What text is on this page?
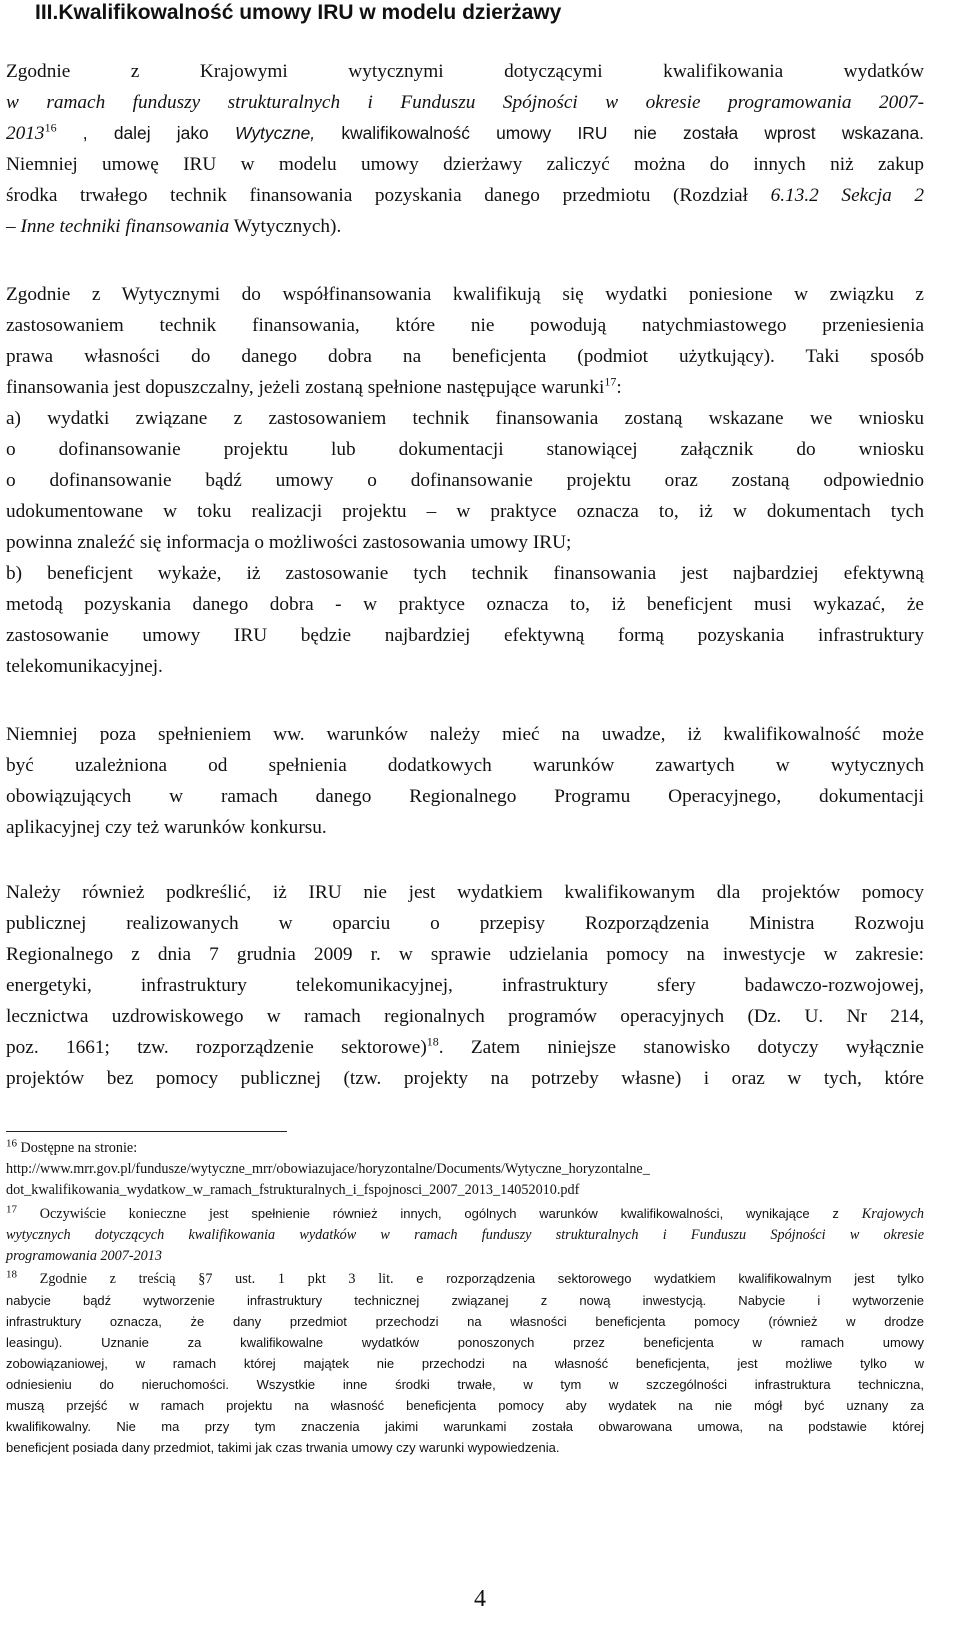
III.Kwalifikowalność umowy IRU w modelu dzierżawy
Zgodnie z Krajowymi wytycznymi dotyczącymi kwalifikowania wydatków
w ramach funduszy strukturalnych i Funduszu Spójności w okresie programowania 2007-
2013$^{16}$ , dalej jako Wytyczne, kwalifikowalność umowy IRU nie została wprost wskazana.
Niemniej umowę IRU w modelu umowy dzierżawy zaliczyć można do innych niż zakup
środka trwałego technik finansowania pozyskania danego przedmiotu (Rozdział 6.13.2 Sekcja 2
– Inne techniki finansowania Wytycznych).
Zgodnie z Wytycznymi do współfinansowania kwalifikują się wydatki poniesione w związku z
zastosowaniem technik finansowania, które nie powodują natychmiastowego przeniesienia
prawa własności do danego dobra na beneficjenta (podmiot użytkujący). Taki sposób
finansowania jest dopuszczalny, jeżeli zostaną spełnione następujące warunki$^{17}$:
a) wydatki związane z zastosowaniem technik finansowania zostaną wskazane we wniosku
o dofinansowanie projektu lub dokumentacji stanowiącej załącznik do wniosku
o dofinansowanie bądź umowy o dofinansowanie projektu oraz zostaną odpowiednio
udokumentowane w toku realizacji projektu – w praktyce oznacza to, iż w dokumentach tych
powinna znaleźć się informacja o możliwości zastosowania umowy IRU;
b) beneficjent wykaże, iż zastosowanie tych technik finansowania jest najbardziej efektywną
metodą pozyskania danego dobra - w praktyce oznacza to, iż beneficjent musi wykazać, że
zastosowanie umowy IRU będzie najbardziej efektywną formą pozyskania infrastruktury
telekomunikacyjnej.
Niemniej poza spełnieniem ww. warunków należy mieć na uwadze, iż kwalifikowalność może
być uzależniona od spełnienia dodatkowych warunków zawartych w wytycznych
obowiązujących w ramach danego Regionalnego Programu Operacyjnego, dokumentacji
aplikacyjnej czy też warunków konkursu.
Należy również podkreślić, iż IRU nie jest wydatkiem kwalifikowanym dla projektów pomocy
publicznej realizowanych w oparciu o przepisy Rozporządzenia Ministra Rozwoju
Regionalnego z dnia 7 grudnia 2009 r. w sprawie udzielania pomocy na inwestycje w zakresie:
energetyki, infrastruktury telekomunikacyjnej, infrastruktury sfery badawczo-rozwojowej,
lecznictwa uzdrowiskowego w ramach regionalnych programów operacyjnych (Dz. U. Nr 214,
poz. 1661; tzw. rozporządzenie sektorowe)$^{18}$. Zatem niniejsze stanowisko dotyczy wyłącznie
projektów bez pomocy publicznej (tzw. projekty na potrzeby własne) i oraz w tych, które
$^{16}$ Dostępne na stronie:
http://www.mrr.gov.pl/fundusze/wytyczne_mrr/obowiazujace/horyzontalne/Documents/Wytyczne_horyzontalne_
dot_kwalifikowania_wydatkow_w_ramach_fstrukturalnych_i_fspojnosci_2007_2013_14052010.pdf
$^{17}$ Oczywiście konieczne jest spełnienie również innych, ogólnych warunków kwalifikowalności, wynikające z Krajowych
wytycznych dotyczących kwalifikowania wydatków w ramach funduszy strukturalnych i Funduszu Spójności w okresie
programowania 2007-2013
$^{18}$ Zgodnie z treścią §7 ust. 1 pkt 3 lit. e rozporządzenia sektorowego wydatkiem kwalifikowalnym jest tylko
nabycie bądź wytworzenie infrastruktury technicznej związanej z nową inwestycją. Nabycie i wytworzenie
infrastruktury oznacza, że dany przedmiot przechodzi na własności beneficjenta pomocy (również w drodze
leasingu). Uznanie za kwalifikowalne wydatków ponoszonych przez beneficjenta w ramach umowy
zobowiązaniowej, w ramach której majątek nie przechodzi na własność beneficjenta, jest możliwe tylko w
odniesieniu do nieruchomości. Wszystkie inne środki trwałe, w tym w szczególności infrastruktura techniczna,
muszą przejść w ramach projektu na własność beneficjenta pomocy aby wydatek na nie mógł być uznany za
kwalifikowalny. Nie ma przy tym znaczenia jakimi warunkami została obwarowana umowa, na podstawie której
beneficjent posiada dany przedmiot, takimi jak czas trwania umowy czy warunki wypowiedzenia.
4
